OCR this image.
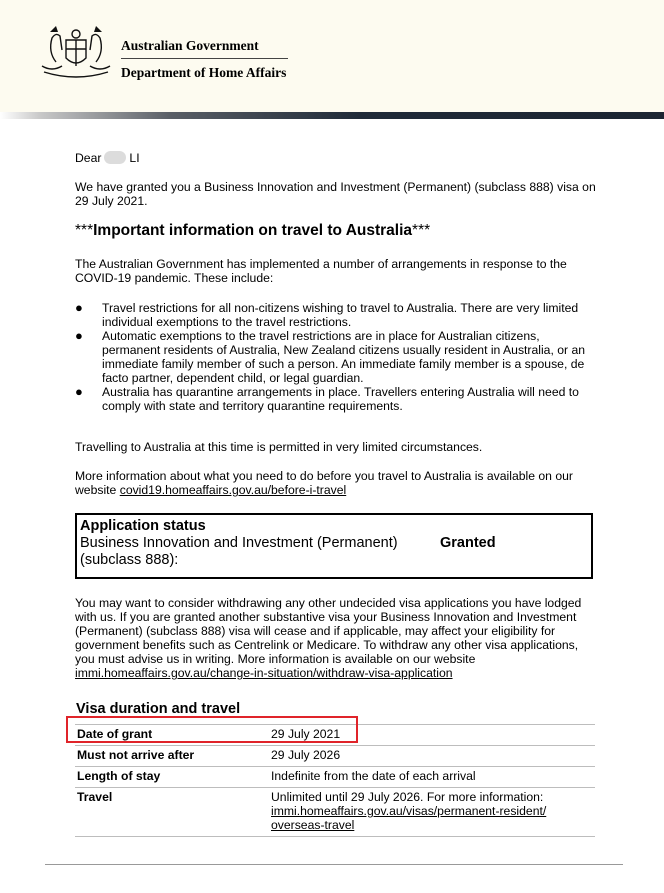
Australian Government
Department of Home Affairs
Dear LI

We have granted you a Business Innovation and Investment (Permanent) (subclass 888) visa on 29 July 2021.

***Important information on travel to Australia***

The Australian Government has implemented a number of arrangements in response to the COVID-19 pandemic. These include:

● Travel restrictions for all non-citizens wishing to travel to Australia. There are very limited individual exemptions to the travel restrictions.
● Automatic exemptions to the travel restrictions are in place for Australian citizens, permanent residents of Australia, New Zealand citizens usually resident in Australia, or an immediate family member of such a person. An immediate family member is a spouse, de facto partner, dependent child, or legal guardian.
● Australia has quarantine arrangements in place. Travellers entering Australia will need to comply with state and territory quarantine requirements.

Travelling to Australia at this time is permitted in very limited circumstances.

More information about what you need to do before you travel to Australia is available on our website covid19.homeaffairs.gov.au/before-i-travel

Application status
Business Innovation and Investment (Permanent)
(subclass 888):
Granted

You may want to consider withdrawing any other undecided visa applications you have lodged with us. If you are granted another substantive visa your Business Innovation and Investment (Permanent) (subclass 888) visa will cease and if applicable, may affect your eligibility for government benefits such as Centrelink or Medicare. To withdraw any other visa applications, you must advise us in writing. More information is available on our website immi.homeaffairs.gov.au/change-in-situation/withdraw-visa-application

Visa duration and travel
Date of grant	29 July 2021
Must not arrive after	29 July 2026
Length of stay	Indefinite from the date of each arrival
Travel	Unlimited until 29 July 2026. For more information:
immi.homeaffairs.gov.au/visas/permanent-resident/
overseas-travel
